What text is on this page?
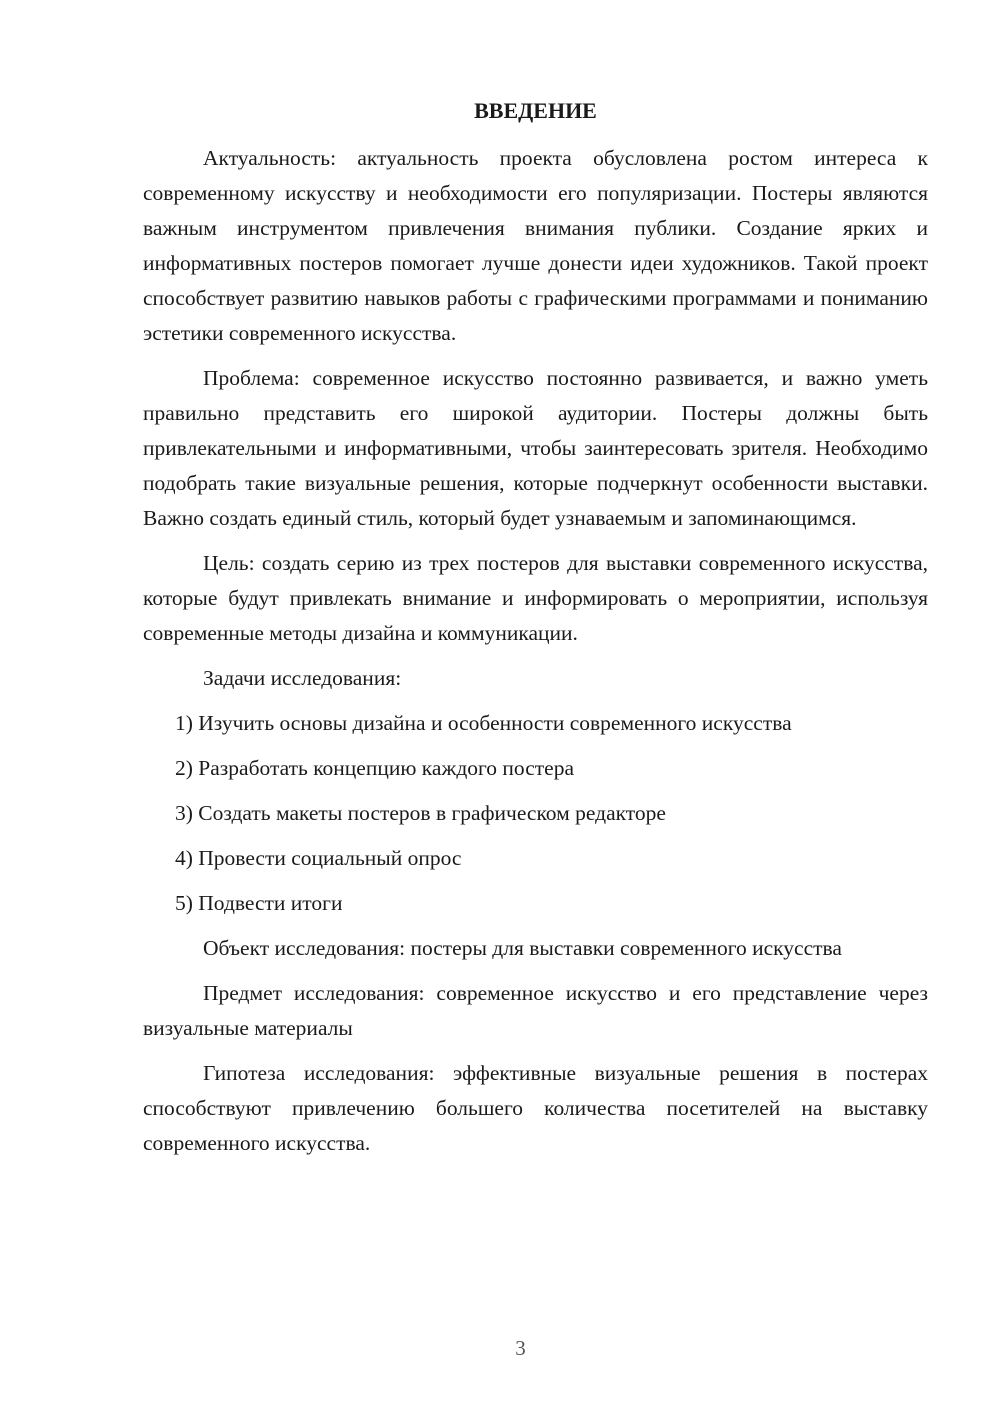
ВВЕДЕНИЕ

Актуальность: актуальность проекта обусловлена ростом интереса к современному искусству и необходимости его популяризации. Постеры являются важным инструментом привлечения внимания публики. Создание ярких и информативных постеров помогает лучше донести идеи художников. Такой проект способствует развитию навыков работы с графическими программами и пониманию эстетики современного искусства.

Проблема: современное искусство постоянно развивается, и важно уметь правильно представить его широкой аудитории. Постеры должны быть привлекательными и информативными, чтобы заинтересовать зрителя. Необходимо подобрать такие визуальные решения, которые подчеркнут особенности выставки. Важно создать единый стиль, который будет узнаваемым и запоминающимся.

Цель: создать серию из трех постеров для выставки современного искусства, которые будут привлекать внимание и информировать о мероприятии, используя современные методы дизайна и коммуникации.

Задачи исследования:

1) Изучить основы дизайна и особенности современного искусства
2) Разработать концепцию каждого постера
3) Создать макеты постеров в графическом редакторе
4) Провести социальный опрос
5) Подвести итоги

Объект исследования: постеры для выставки современного искусства

Предмет исследования: современное искусство и его представление через визуальные материалы

Гипотеза исследования: эффективные визуальные решения в постерах способствуют привлечению большего количества посетителей на выставку современного искусства.

3
